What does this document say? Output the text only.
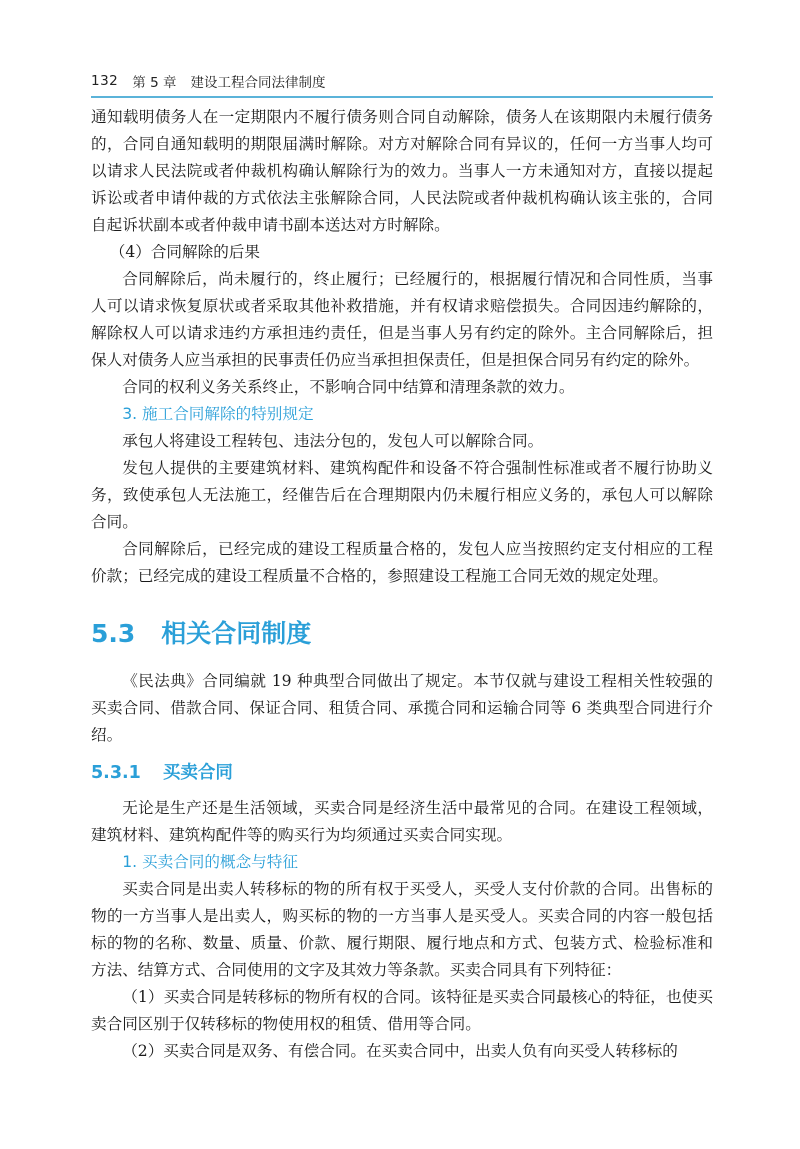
132 第 5 章 建设工程合同法律制度

通知载明债务人在一定期限内不履行债务则合同自动解除，债务人在该期限内未履行债务的，合同自通知载明的期限届满时解除。对方对解除合同有异议的，任何一方当事人均可以请求人民法院或者仲裁机构确认解除行为的效力。当事人一方未通知对方，直接以提起诉讼或者申请仲裁的方式依法主张解除合同，人民法院或者仲裁机构确认该主张的，合同自起诉状副本或者仲裁申请书副本送达对方时解除。

（4）合同解除的后果

合同解除后，尚未履行的，终止履行；已经履行的，根据履行情况和合同性质，当事人可以请求恢复原状或者采取其他补救措施，并有权请求赔偿损失。合同因违约解除的，解除权人可以请求违约方承担违约责任，但是当事人另有约定的除外。主合同解除后，担保人对债务人应当承担的民事责任仍应当承担担保责任，但是担保合同另有约定的除外。

合同的权利义务关系终止，不影响合同中结算和清理条款的效力。

3. 施工合同解除的特别规定

承包人将建设工程转包、违法分包的，发包人可以解除合同。

发包人提供的主要建筑材料、建筑构配件和设备不符合强制性标准或者不履行协助义务，致使承包人无法施工，经催告后在合理期限内仍未履行相应义务的，承包人可以解除合同。

合同解除后，已经完成的建设工程质量合格的，发包人应当按照约定支付相应的工程价款；已经完成的建设工程质量不合格的，参照建设工程施工合同无效的规定处理。

5.3 相关合同制度

《民法典》合同编就 19 种典型合同做出了规定。本节仅就与建设工程相关性较强的买卖合同、借款合同、保证合同、租赁合同、承揽合同和运输合同等 6 类典型合同进行介绍。

5.3.1 买卖合同

无论是生产还是生活领域，买卖合同是经济生活中最常见的合同。在建设工程领域，建筑材料、建筑构配件等的购买行为均须通过买卖合同实现。

1. 买卖合同的概念与特征

买卖合同是出卖人转移标的物的所有权于买受人，买受人支付价款的合同。出售标的物的一方当事人是出卖人，购买标的物的一方当事人是买受人。买卖合同的内容一般包括标的物的名称、数量、质量、价款、履行期限、履行地点和方式、包装方式、检验标准和方法、结算方式、合同使用的文字及其效力等条款。买卖合同具有下列特征：

（1）买卖合同是转移标的物所有权的合同。该特征是买卖合同最核心的特征，也使买卖合同区别于仅转移标的物使用权的租赁、借用等合同。

（2）买卖合同是双务、有偿合同。在买卖合同中，出卖人负有向买受人转移标的
